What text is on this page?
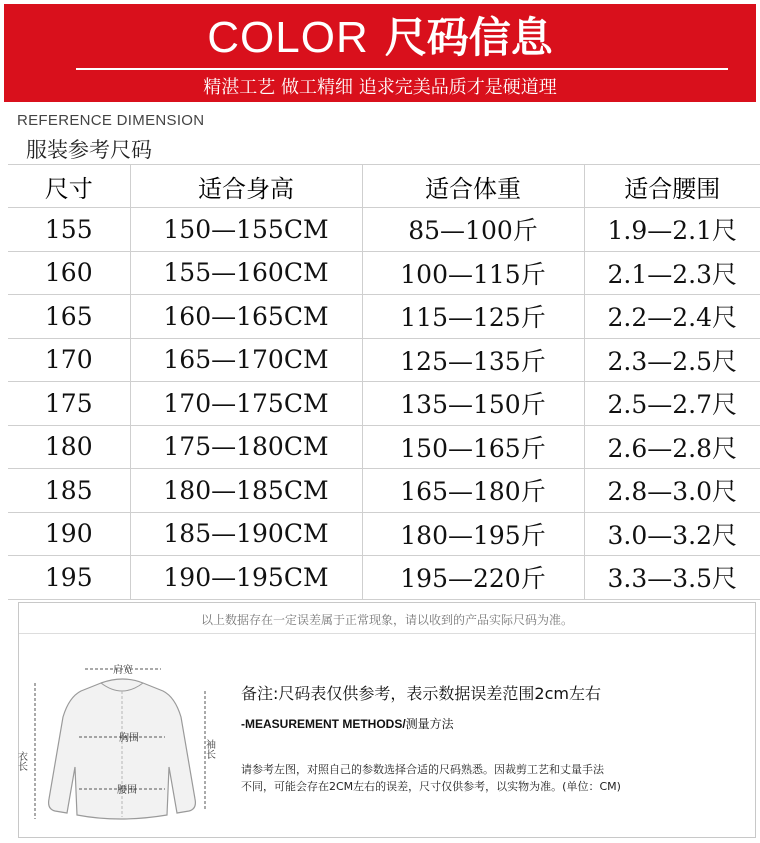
COLOR 尺码信息
精湛工艺 做工精细 追求完美品质才是硬道理
REFERENCE DIMENSION
服装参考尺码
尺寸	适合身高	适合体重	适合腰围
155	150—155CM	85—100斤	1.9—2.1尺
160	155—160CM	100—115斤	2.1—2.3尺
165	160—165CM	115—125斤	2.2—2.4尺
170	165—170CM	125—135斤	2.3—2.5尺
175	170—175CM	135—150斤	2.5—2.7尺
180	175—180CM	150—165斤	2.6—2.8尺
185	180—185CM	165—180斤	2.8—3.0尺
190	185—190CM	180—195斤	3.0—3.2尺
195	190—195CM	195—220斤	3.3—3.5尺
以上数据存在一定误差属于正常现象，请以收到的产品实际尺码为准。
肩宽
胸围
腰围
衣长
袖长
备注:尺码表仅供参考，表示数据误差范围2cm左右
-MEASUREMENT METHODS/测量方法
请参考左图，对照自己的参数选择合适的尺码熟悉。因裁剪工艺和丈量手法
不同，可能会存在2CM左右的误差，尺寸仅供参考，以实物为准。(单位：CM)
